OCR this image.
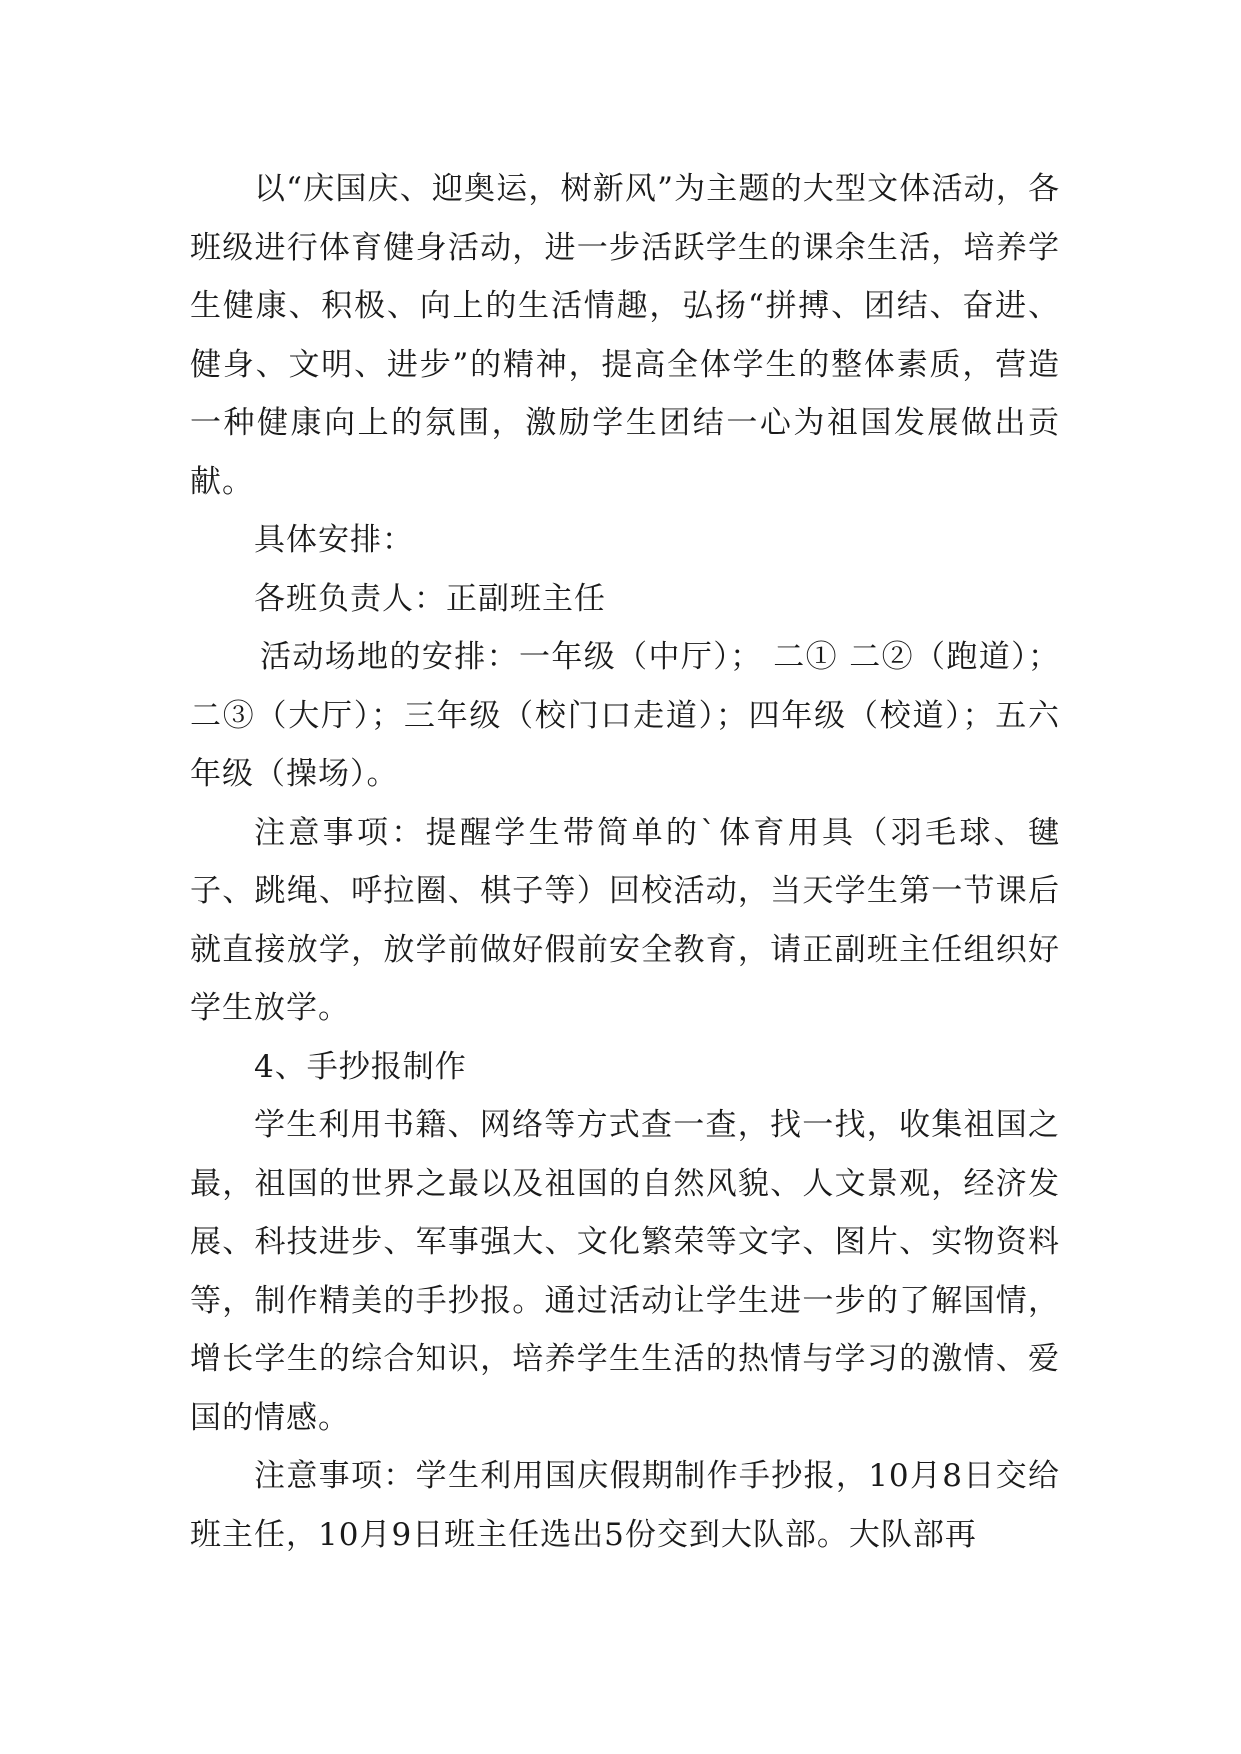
以“庆国庆、迎奥运，树新风”为主题的大型文体活动，各班级进行体育健身活动，进一步活跃学生的课余生活，培养学生健康、积极、向上的生活情趣，弘扬“拼搏、团结、奋进、健身、文明、进步”的精神，提高全体学生的整体素质，营造一种健康向上的氛围，激励学生团结一心为祖国发展做出贡献。

具体安排：

各班负责人：正副班主任

活动场地的安排：一年级（中厅）； 二① 二②（跑道）；二③（大厅）；三年级（校门口走道）；四年级（校道）；五六年级（操场）。

注意事项：提醒学生带简单的`体育用具（羽毛球、毽子、跳绳、呼拉圈、棋子等）回校活动，当天学生第一节课后就直接放学，放学前做好假前安全教育，请正副班主任组织好学生放学。

4、手抄报制作

学生利用书籍、网络等方式查一查，找一找，收集祖国之最，祖国的世界之最以及祖国的自然风貌、人文景观，经济发展、科技进步、军事强大、文化繁荣等文字、图片、实物资料等，制作精美的手抄报。通过活动让学生进一步的了解国情，增长学生的综合知识，培养学生生活的热情与学习的激情、爱国的情感。

注意事项：学生利用国庆假期制作手抄报，10月8日交给班主任，10月9日班主任选出5份交到大队部。大队部再
